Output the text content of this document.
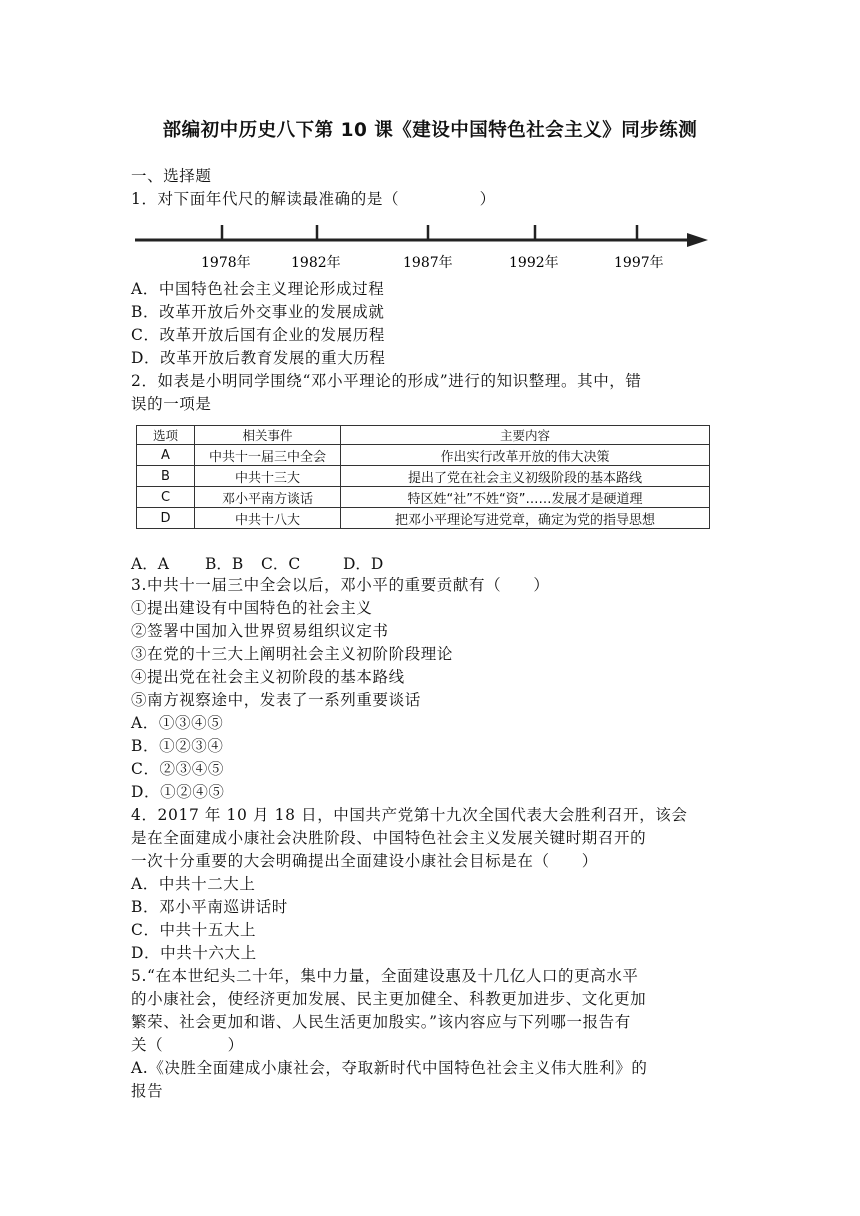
部编初中历史八下第 10 课《建设中国特色社会主义》同步练测
一、选择题
1．对下面年代尺的解读最准确的是（　　　　　）
1978年	1982年	1987年	1992年	1997年
A．中国特色社会主义理论形成过程
B．改革开放后外交事业的发展成就
C．改革开放后国有企业的发展历程
D．改革开放后教育发展的重大历程
2．如表是小明同学围绕“邓小平理论的形成”进行的知识整理。其中，错
误的一项是
选项	相关事件	主要内容
A	中共十一届三中全会	作出实行改革开放的伟大决策
B	中共十三大	提出了党在社会主义初级阶段的基本路线
C	邓小平南方谈话	特区姓“社”不姓“资”……发展才是硬道理
D	中共十八大	把邓小平理论写进党章，确定为党的指导思想
A．A B．B C．C	D．D
3.中共十一届三中全会以后，邓小平的重要贡献有（　　）
①提出建设有中国特色的社会主义
②签署中国加入世界贸易组织议定书
③在党的十三大上阐明社会主义初阶阶段理论
④提出党在社会主义初阶段的基本路线
⑤南方视察途中，发表了一系列重要谈话
A．①③④⑤
B．①②③④
C．②③④⑤
D．①②④⑤
4．2017 年 10 月 18 日，中国共产党第十九次全国代表大会胜利召开，该会
是在全面建成小康社会决胜阶段、中国特色社会主义发展关键时期召开的
一次十分重要的大会明确提出全面建设小康社会目标是在（　　）
A．中共十二大上
B．邓小平南巡讲话时
C．中共十五大上
D．中共十六大上
5.“在本世纪头二十年，集中力量，全面建设惠及十几亿人口的更高水平
的小康社会，使经济更加发展、民主更加健全、科教更加进步、文化更加
繁荣、社会更加和谐、人民生活更加殷实。”该内容应与下列哪一报告有
关（　　　　）
A.《决胜全面建成小康社会，夺取新时代中国特色社会主义伟大胜利》的
报告
